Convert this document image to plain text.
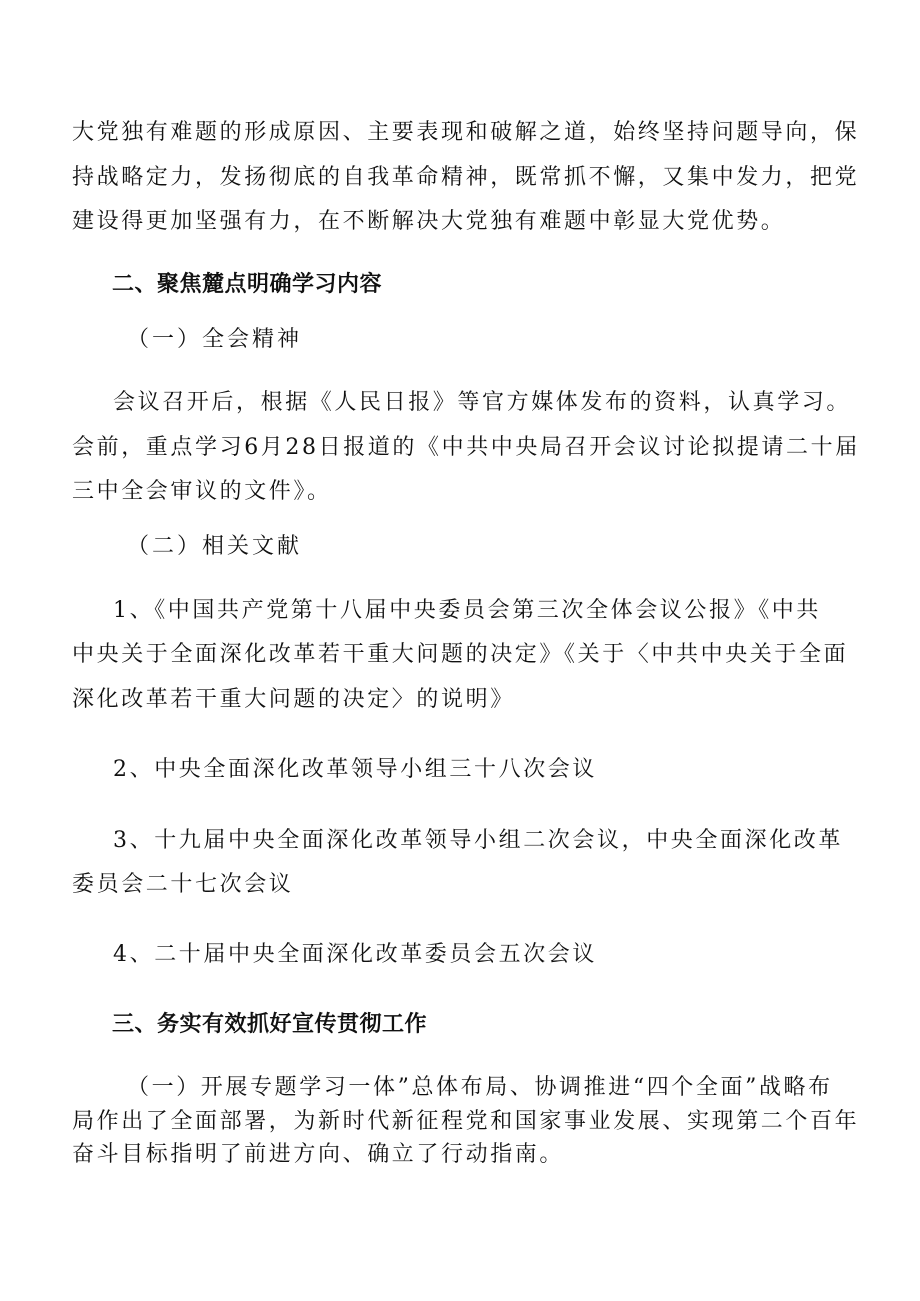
大党独有难题的形成原因、主要表现和破解之道，始终坚持问题导向，保
持战略定力，发扬彻底的自我革命精神，既常抓不懈，又集中发力，把党
建设得更加坚强有力，在不断解决大党独有难题中彰显大党优势。
二、聚焦麓点明确学习内容
（一）全会精神
会议召开后，根据《人民日报》等官方媒体发布的资料，认真学习。
会前，重点学习6月28日报道的《中共中央局召开会议讨论拟提请二十届
三中全会审议的文件》。
（二）相关文献
1、《中国共产党第十八届中央委员会第三次全体会议公报》《中共
中央关于全面深化改革若干重大问题的决定》《关于〈中共中央关于全面
深化改革若干重大问题的决定〉的说明》
2、中央全面深化改革领导小组三十八次会议
3、十九届中央全面深化改革领导小组二次会议，中央全面深化改革
委员会二十七次会议
4、二十届中央全面深化改革委员会五次会议
三、务实有效抓好宣传贯彻工作
（一）开展专题学习一体”总体布局、协调推进“四个全面”战略布
局作出了全面部署，为新时代新征程党和国家事业发展、实现第二个百年
奋斗目标指明了前进方向、确立了行动指南。
